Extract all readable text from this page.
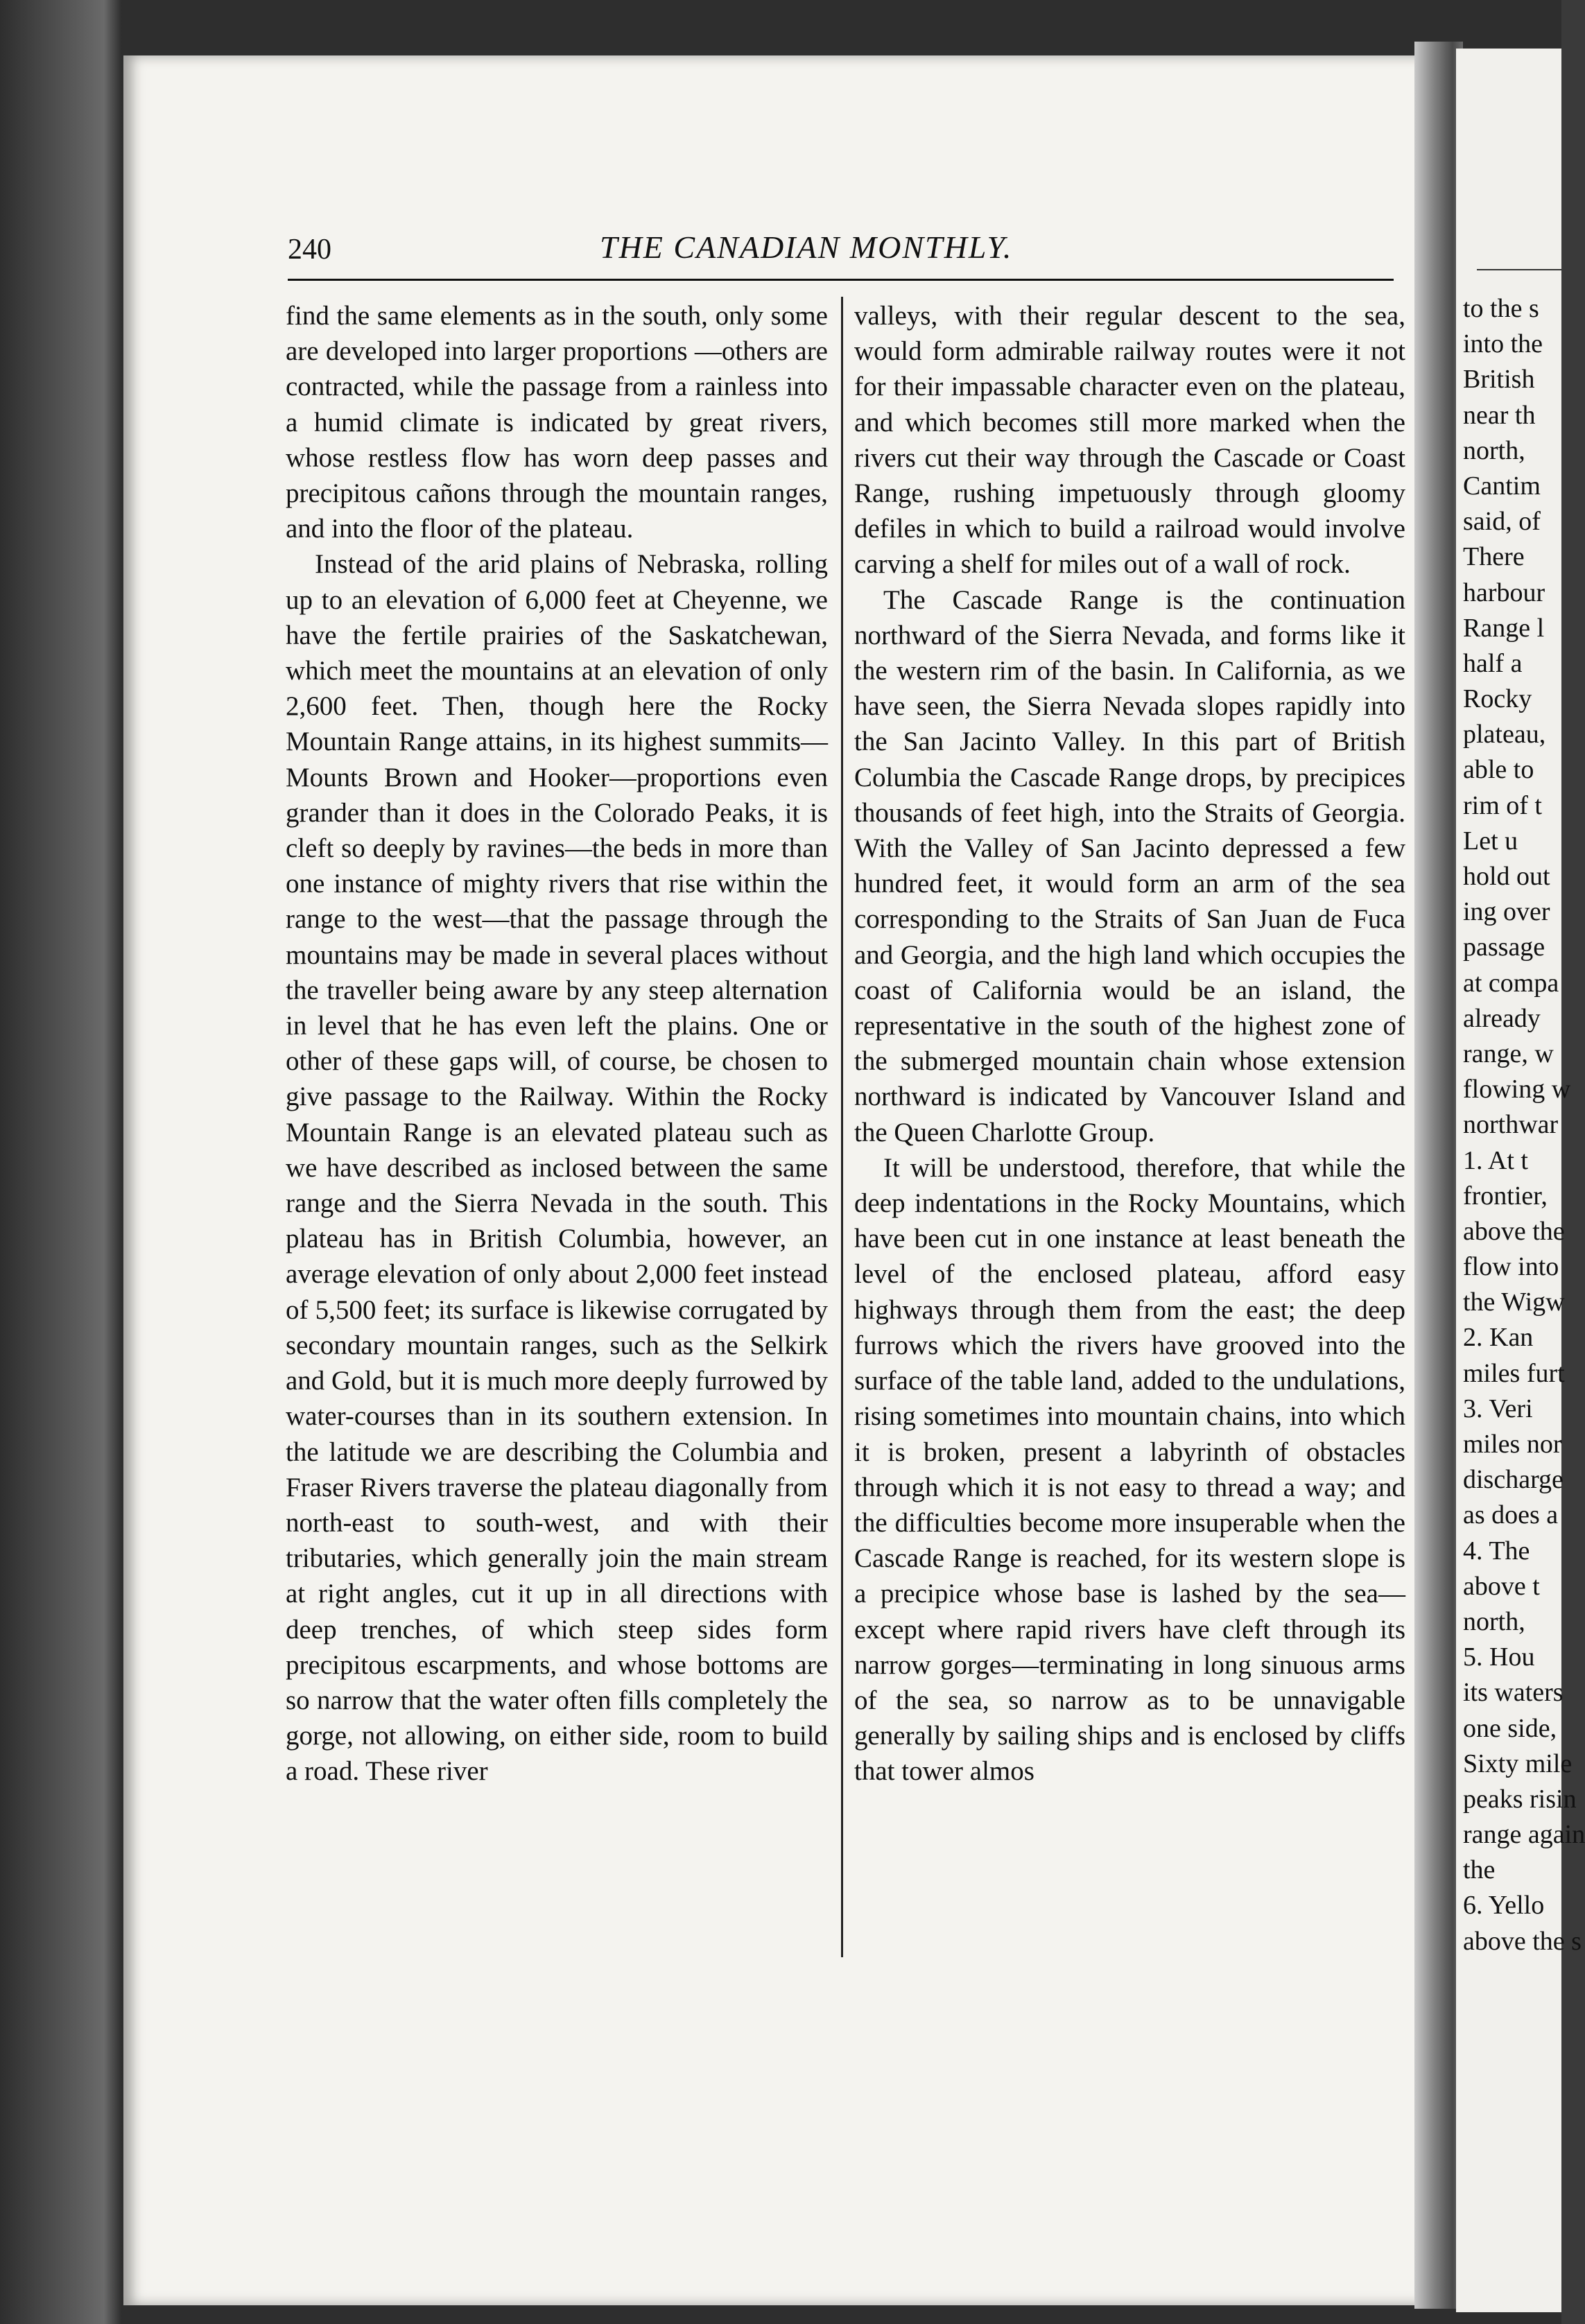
240	THE CANADIAN MONTHLY.

find the same elements as in the south, only some are developed into larger proportions —others are contracted, while the passage from a rainless into a humid climate is indicated by great rivers, whose restless flow has worn deep passes and precipitous cañons through the mountain ranges, and into the floor of the plateau.

Instead of the arid plains of Nebraska, rolling up to an elevation of 6,000 feet at Cheyenne, we have the fertile prairies of the Saskatchewan, which meet the mountains at an elevation of only 2,600 feet. Then, though here the Rocky Mountain Range attains, in its highest summits—Mounts Brown and Hooker—proportions even grander than it does in the Colorado Peaks, it is cleft so deeply by ravines—the beds in more than one instance of mighty rivers that rise within the range to the west—that the passage through the mountains may be made in several places without the traveller being aware by any steep alternation in level that he has even left the plains. One or other of these gaps will, of course, be chosen to give passage to the Railway. Within the Rocky Mountain Range is an elevated plateau such as we have described as inclosed between the same range and the Sierra Nevada in the south. This plateau has in British Columbia, however, an average elevation of only about 2,000 feet instead of 5,500 feet; its surface is likewise corrugated by secondary mountain ranges, such as the Selkirk and Gold, but it is much more deeply furrowed by water-courses than in its southern extension. In the latitude we are describing the Columbia and Fraser Rivers traverse the plateau diagonally from north-east to south-west, and with their tributaries, which generally join the main stream at right angles, cut it up in all directions with deep trenches, of which steep sides form precipitous escarpments, and whose bottoms are so narrow that the water often fills completely the gorge, not allowing, on either side, room to build a road. These river

valleys, with their regular descent to the sea, would form admirable railway routes were it not for their impassable character even on the plateau, and which becomes still more marked when the rivers cut their way through the Cascade or Coast Range, rushing impetuously through gloomy defiles in which to build a railroad would involve carving a shelf for miles out of a wall of rock.

The Cascade Range is the continuation northward of the Sierra Nevada, and forms like it the western rim of the basin. In California, as we have seen, the Sierra Nevada slopes rapidly into the San Jacinto Valley. In this part of British Columbia the Cascade Range drops, by precipices thousands of feet high, into the Straits of Georgia. With the Valley of San Jacinto depressed a few hundred feet, it would form an arm of the sea corresponding to the Straits of San Juan de Fuca and Georgia, and the high land which occupies the coast of California would be an island, the representative in the south of the highest zone of the submerged mountain chain whose extension northward is indicated by Vancouver Island and the Queen Charlotte Group.

It will be understood, therefore, that while the deep indentations in the Rocky Mountains, which have been cut in one instance at least beneath the level of the enclosed plateau, afford easy highways through them from the east; the deep furrows which the rivers have grooved into the surface of the table land, added to the undulations, rising sometimes into mountain chains, into which it is broken, present a labyrinth of obstacles through which it is not easy to thread a way; and the difficulties become more insuperable when the Cascade Range is reached, for its western slope is a precipice whose base is lashed by the sea—except where rapid rivers have cleft through its narrow gorges—terminating in long sinuous arms of the sea, so narrow as to be unnavigable generally by sailing ships and is enclosed by cliffs that tower almos

to the s
into the
British
near th
north,
Cantim
said, of
There
harbour
Range l
half a
Rocky
plateau,
able to
rim of t
Let u
hold out
ing over
passage
at compa
already
range, w
flowing w
northwar
1. At t
frontier,
above the
flow into
the Wigw
2. Kan
miles furt
3. Veri
miles nor
discharge
as does a
4. The
above t
north,
5. Hou
its waters
one side,
Sixty mile
peaks risin
range again
the
6. Yello
above the s
